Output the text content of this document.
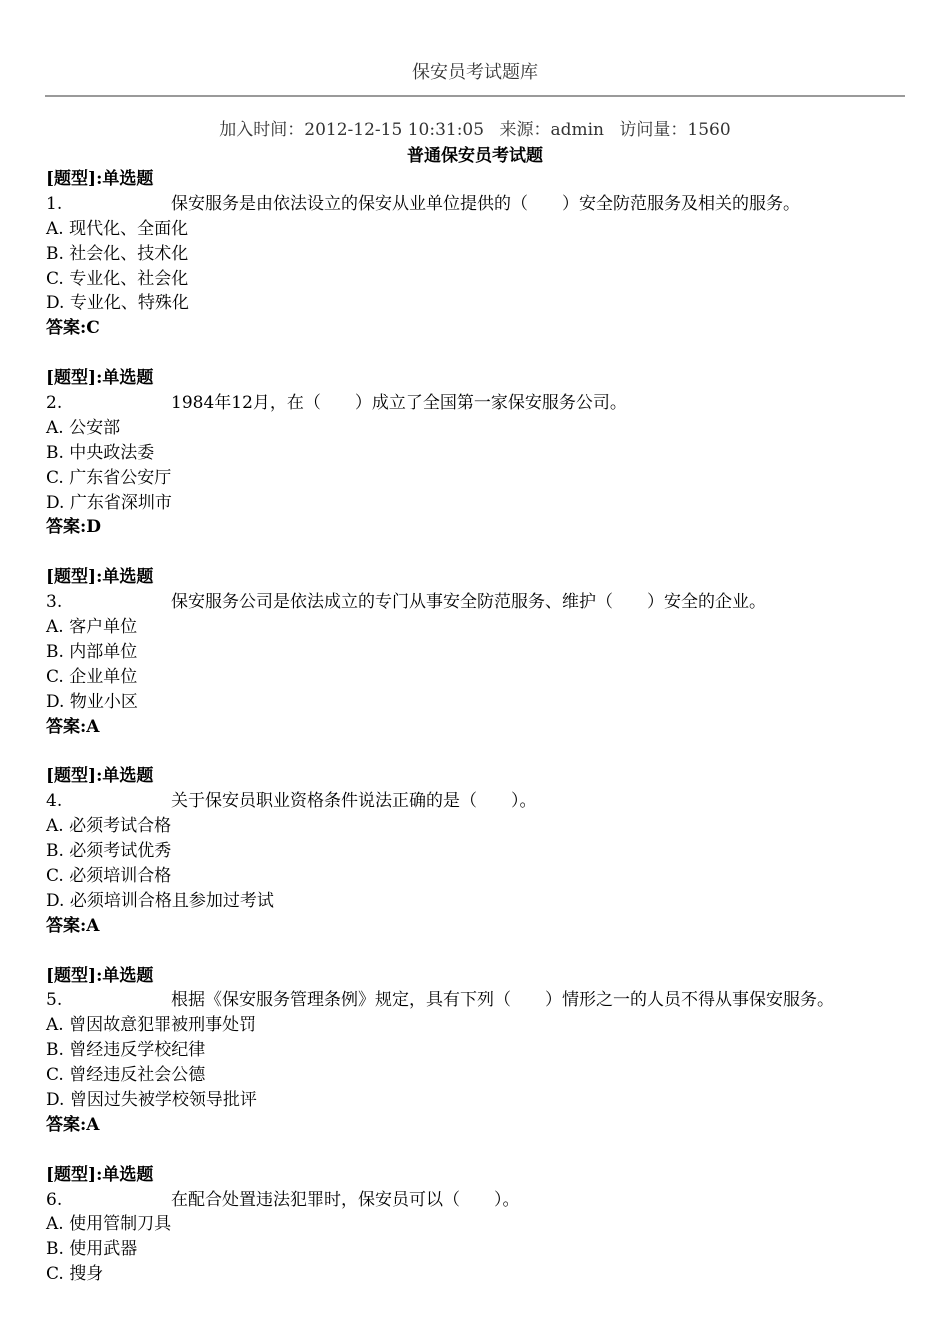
保安员考试题库
加入时间：2012-12-15 10:31:05 来源：admin 访问量：1560
普通保安员考试题
[题型]:单选题
1.	保安服务是由依法设立的保安从业单位提供的（　　）安全防范服务及相关的服务。
A. 现代化、全面化
B. 社会化、技术化
C. 专业化、社会化
D. 专业化、特殊化
答案:C
[题型]:单选题
2.	1984年12月，在（　　）成立了全国第一家保安服务公司。
A. 公安部
B. 中央政法委
C. 广东省公安厅
D. 广东省深圳市
答案:D
[题型]:单选题
3.	保安服务公司是依法成立的专门从事安全防范服务、维护（　　）安全的企业。
A. 客户单位
B. 内部单位
C. 企业单位
D. 物业小区
答案:A
[题型]:单选题
4.	关于保安员职业资格条件说法正确的是（　　）。
A. 必须考试合格
B. 必须考试优秀
C. 必须培训合格
D. 必须培训合格且参加过考试
答案:A
[题型]:单选题
5.	根据《保安服务管理条例》规定，具有下列（　　）情形之一的人员不得从事保安服务。
A. 曾因故意犯罪被刑事处罚
B. 曾经违反学校纪律
C. 曾经违反社会公德
D. 曾因过失被学校领导批评
答案:A
[题型]:单选题
6.	在配合处置违法犯罪时，保安员可以（　　）。
A. 使用管制刀具
B. 使用武器
C. 搜身
